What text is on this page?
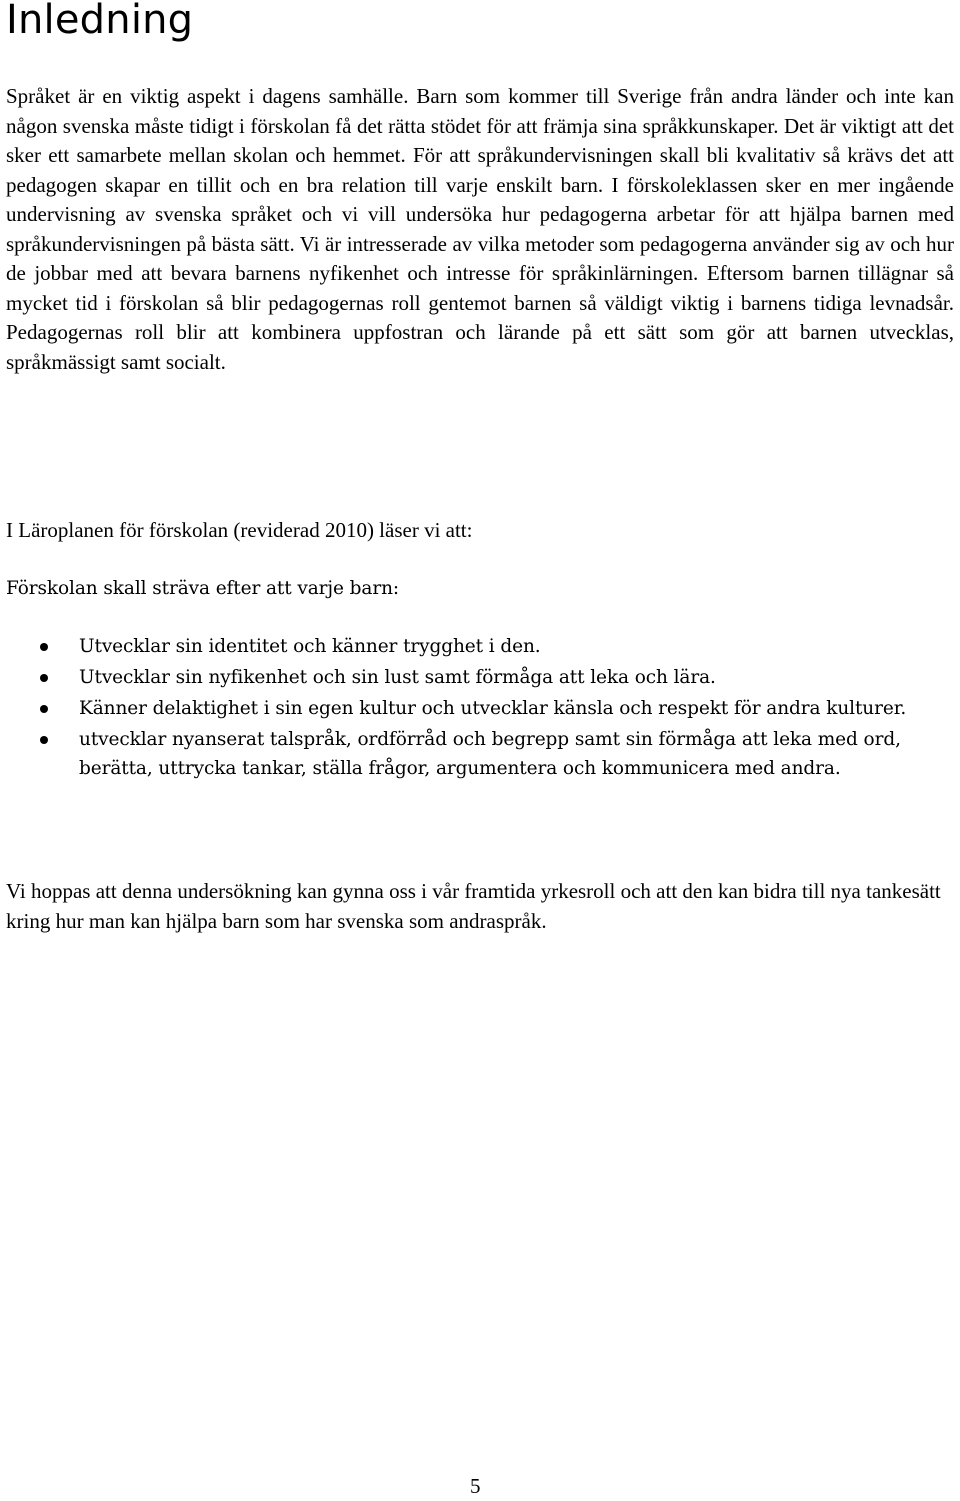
Inledning

Språket är en viktig aspekt i dagens samhälle. Barn som kommer till Sverige från andra länder och inte kan någon svenska måste tidigt i förskolan få det rätta stödet för att främja sina språkkunskaper. Det är viktigt att det sker ett samarbete mellan skolan och hemmet. För att språkundervisningen skall bli kvalitativ så krävs det att pedagogen skapar en tillit och en bra relation till varje enskilt barn. I förskoleklassen sker en mer ingående undervisning av svenska språket och vi vill undersöka hur pedagogerna arbetar för att hjälpa barnen med språkundervisningen på bästa sätt. Vi är intresserade av vilka metoder som pedagogerna använder sig av och hur de jobbar med att bevara barnens nyfikenhet och intresse för språkinlärningen. Eftersom barnen tillägnar så mycket tid i förskolan så blir pedagogernas roll gentemot barnen så väldigt viktig i barnens tidiga levnadsår. Pedagogernas roll blir att kombinera uppfostran och lärande på ett sätt som gör att barnen utvecklas, språkmässigt samt socialt.

I Läroplanen för förskolan (reviderad 2010) läser vi att:

Förskolan skall sträva efter att varje barn:

Utvecklar sin identitet och känner trygghet i den.
Utvecklar sin nyfikenhet och sin lust samt förmåga att leka och lära.
Känner delaktighet i sin egen kultur och utvecklar känsla och respekt för andra kulturer.
utvecklar nyanserat talspråk, ordförråd och begrepp samt sin förmåga att leka med ord, berätta, uttrycka tankar, ställa frågor, argumentera och kommunicera med andra.

Vi hoppas att denna undersökning kan gynna oss i vår framtida yrkesroll och att den kan bidra till nya tankesätt kring hur man kan hjälpa barn som har svenska som andraspråk.

5
